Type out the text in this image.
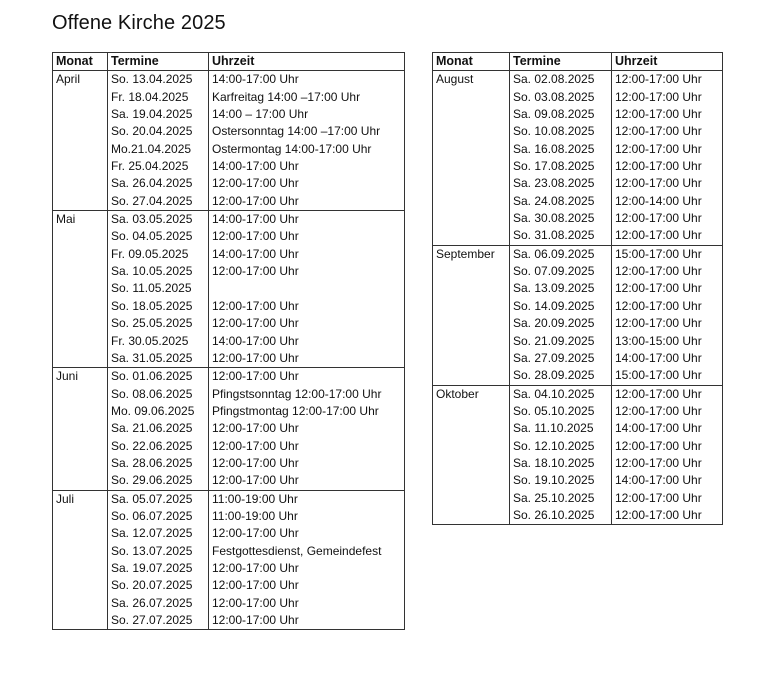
Offene Kirche 2025
Monat	Termine	Uhrzeit
April	So. 13.04.2025	14:00-17:00 Uhr
	Fr. 18.04.2025	Karfreitag 14:00 –17:00 Uhr
	Sa. 19.04.2025	14:00 – 17:00 Uhr
	So. 20.04.2025	Ostersonntag 14:00 –17:00 Uhr
	Mo.21.04.2025	Ostermontag 14:00-17:00 Uhr
	Fr. 25.04.2025	14:00-17:00 Uhr
	Sa. 26.04.2025	12:00-17:00 Uhr
	So. 27.04.2025	12:00-17:00 Uhr
Mai	Sa. 03.05.2025	14:00-17:00 Uhr
	So. 04.05.2025	12:00-17:00 Uhr
	Fr. 09.05.2025	14:00-17:00 Uhr
	Sa. 10.05.2025	12:00-17:00 Uhr
	So. 11.05.2025	
	So. 18.05.2025	12:00-17:00 Uhr
	So. 25.05.2025	12:00-17:00 Uhr
	Fr. 30.05.2025	14:00-17:00 Uhr
	Sa. 31.05.2025	12:00-17:00 Uhr
Juni	So. 01.06.2025	12:00-17:00 Uhr
	So. 08.06.2025	Pfingstsonntag 12:00-17:00 Uhr
	Mo. 09.06.2025	Pfingstmontag 12:00-17:00 Uhr
	Sa. 21.06.2025	12:00-17:00 Uhr
	So. 22.06.2025	12:00-17:00 Uhr
	Sa. 28.06.2025	12:00-17:00 Uhr
	So. 29.06.2025	12:00-17:00 Uhr
Juli	Sa. 05.07.2025	11:00-19:00 Uhr
	So. 06.07.2025	11:00-19:00 Uhr
	Sa. 12.07.2025	12:00-17:00 Uhr
	So. 13.07.2025	Festgottesdienst, Gemeindefest
	Sa. 19.07.2025	12:00-17:00 Uhr
	So. 20.07.2025	12:00-17:00 Uhr
	Sa. 26.07.2025	12:00-17:00 Uhr
	So. 27.07.2025	12:00-17:00 Uhr
Monat	Termine	Uhrzeit
August	Sa. 02.08.2025	12:00-17:00 Uhr
	So. 03.08.2025	12:00-17:00 Uhr
	Sa. 09.08.2025	12:00-17:00 Uhr
	So. 10.08.2025	12:00-17:00 Uhr
	Sa. 16.08.2025	12:00-17:00 Uhr
	So. 17.08.2025	12:00-17:00 Uhr
	Sa. 23.08.2025	12:00-17:00 Uhr
	Sa. 24.08.2025	12:00-14:00 Uhr
	Sa. 30.08.2025	12:00-17:00 Uhr
	So. 31.08.2025	12:00-17:00 Uhr
September	Sa. 06.09.2025	15:00-17:00 Uhr
	So. 07.09.2025	12:00-17:00 Uhr
	Sa. 13.09.2025	12:00-17:00 Uhr
	So. 14.09.2025	12:00-17:00 Uhr
	Sa. 20.09.2025	12:00-17:00 Uhr
	So. 21.09.2025	13:00-15:00 Uhr
	Sa. 27.09.2025	14:00-17:00 Uhr
	So. 28.09.2025	15:00-17:00 Uhr
Oktober	Sa. 04.10.2025	12:00-17:00 Uhr
	So. 05.10.2025	12:00-17:00 Uhr
	Sa. 11.10.2025	14:00-17:00 Uhr
	So. 12.10.2025	12:00-17:00 Uhr
	Sa. 18.10.2025	12:00-17:00 Uhr
	So. 19.10.2025	14:00-17:00 Uhr
	Sa. 25.10.2025	12:00-17:00 Uhr
	So. 26.10.2025	12:00-17:00 Uhr
